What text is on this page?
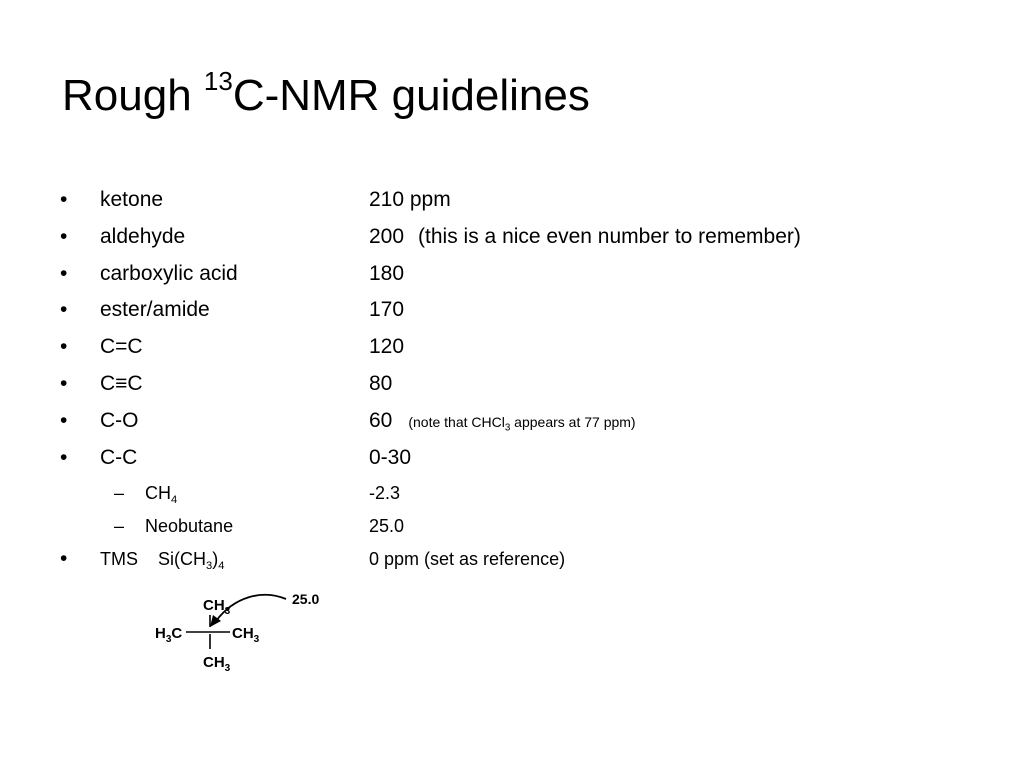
Rough $^{13}$C-NMR guidelines
• ketone	210 ppm
• aldehyde	200 (this is a nice even number to remember)
• carboxylic acid	180
• ester/amide	170
• C=C	120
• C≡C	80
• C-O	60 (note that CHCl$_3$ appears at 77 ppm)
• C-C	0-30
– $CH_4$	-2.3
– Neobutane	25.0
• TMS $Si(CH_3)_4$	0 ppm (set as reference)
$CH_3$
$H_3C$	$CH_3$
$CH_3$
25.0
